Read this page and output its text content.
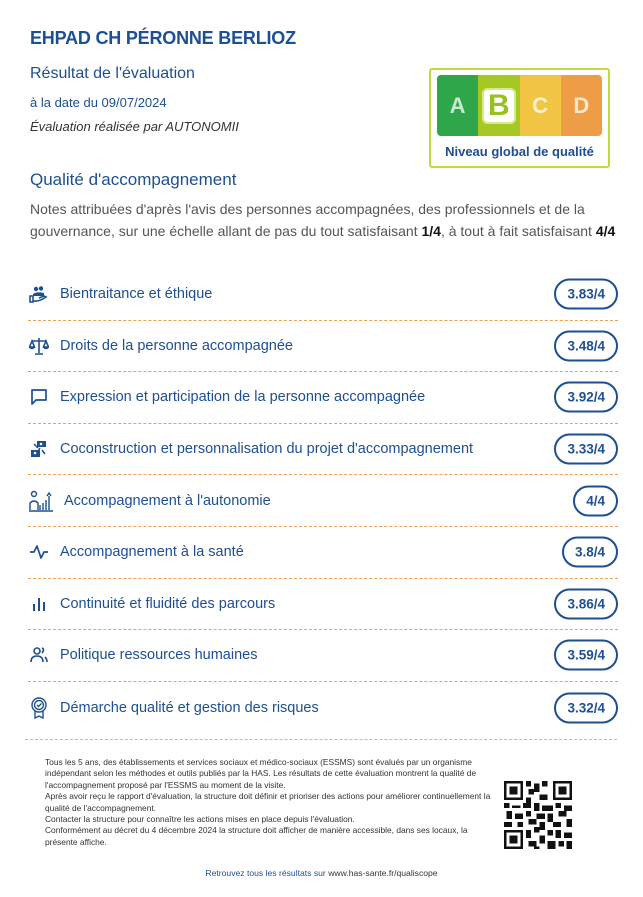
EHPAD CH PÉRONNE BERLIOZ
Résultat de l'évaluation
à la date du 09/07/2024
Évaluation réalisée par AUTONOMII
A B C D
Niveau global de qualité
Qualité d'accompagnement
Notes attribuées d'après l'avis des personnes accompagnées, des professionnels et de la gouvernance, sur une échelle allant de pas du tout satisfaisant 1/4, à tout à fait satisfaisant 4/4
Bientraitance et éthique	3.83/4
Droits de la personne accompagnée	3.48/4
Expression et participation de la personne accompagnée	3.92/4
Coconstruction et personnalisation du projet d'accompagnement	3.33/4
Accompagnement à l'autonomie	4/4
Accompagnement à la santé	3.8/4
Continuité et fluidité des parcours	3.86/4
Politique ressources humaines	3.59/4
Démarche qualité et gestion des risques	3.32/4
Tous les 5 ans, des établissements et services sociaux et médico-sociaux (ESSMS) sont évalués par un organisme indépendant selon les méthodes et outils publiés par la HAS. Les résultats de cette évaluation montrent la qualité de l'accompagnement proposé par l'ESSMS au moment de la visite.
Après avoir reçu le rapport d'évaluation, la structure doit définir et prioriser des actions pour améliorer continuellement la qualité de l'accompagnement.
Contacter la structure pour connaître les actions mises en place depuis l'évaluation.
Conformément au décret du 4 décembre 2024 la structure doit afficher de manière accessible, dans ses locaux, la présente affiche.
Retrouvez tous les résultats sur www.has-sante.fr/qualiscope
